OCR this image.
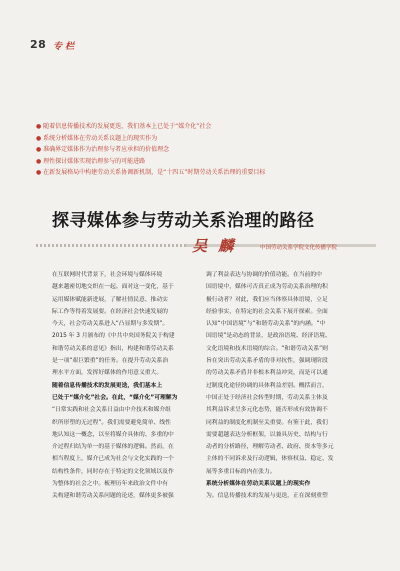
28 专 栏
● 随着信息传播技术的发展更迭，我们基本上已处于“媒介化”社会
● 系统分析媒体在劳动关系议题上的现实作为
● 准确界定媒体作为治理参与者应承担的价值理念
● 理性探讨媒体实现治理参与的可能进路
● 在新发展格局中构建劳动关系协调新机制，是“十四五”时期劳动关系治理的重要目标
探寻媒体参与劳动关系治理的路径
吴 麟	中国劳动关系学院文化传播学院
在互联网时代背景下，社会环境与媒体环境
越来越密切地交织在一起。面对这一变化，基于
运用媒体赋能新进展，了解社情民意、推动实
际工作等得着发展要。在经济社会快速发展的
今天，社会劳动关系进入“凸显期与多发期”。
2015 年 3 月颁布的《中共中央国务院关于构建
和谐劳动关系的意见》指出，构建和谐劳动关系
是一项“艰巨繁重”的任务。在提升劳动关系治
理水平方面，发挥好媒体的作用意义重大。
随着信息传播技术的发展更迭，我们基本上
已处于“媒介化”社会。在此，“媒介化”可理解为
“日常实践和社会关系日益由中介技术和媒介组
织所形塑的无过程”。我们需要避免简单、线性
地认知这一概念，以至将媒介具体的、多重的中
介过程归结为单一的基于媒体的逻辑。然而，在
相当程度上，媒介已成为社会与文化实践的一个
结构性条件，同时存在于特定的文化领域以及作
为整体的社会之中。梳理历年来政治文件中有
关构建和谐劳动关系问题的论述，媒体更多被强
调了利益表达与协调的价值功能。在当前的中
国语境中，媒体可否真正成为劳动关系治理的积
极行动者？对此，我们应当体察具体语境，立足
经验事实，在特定的社会关系下展开探索。全面
认知“中国语境”与“和谐劳动关系”的内涵。“中
国语境”是动态的背景，是政治语境、经济语境、
文化语境和技术语境的综合。“和谐劳动关系”则
旨在突出劳动关系矛盾的非对抗性，强调现阶段
的劳动关系矛盾并非根本利益冲突，而是可以通
过制度化途径协调的具体利益差别。概括而言，
中国正处于经济社会转型时期，劳动关系主体及
其利益诉求呈多元化态势，能否形成有效协调不
同利益的制度化机制至关重要。有鉴于此，我们
需要超越表达分析框架，以兼具历史、结构与行
动者的分析路径，理解劳动者、政府、资本等多元
主体的不同诉求及行动逻辑，体察权益、稳定、发
展等多重目标的内在张力。
系统分析媒体在劳动关系议题上的现实作
为。信息传播技术的发展与更迭，正在深刻重塑
